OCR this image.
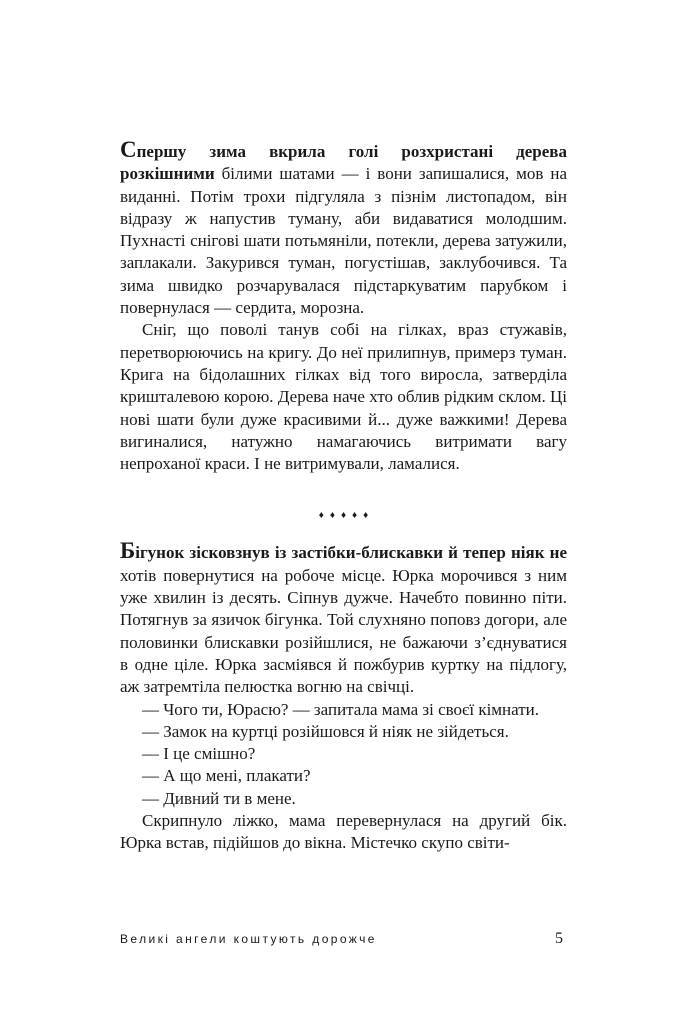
Спершу зима вкрила голі розхристані дерева розкішними білими шатами — і вони запишалися, мов на виданні. Потім трохи підгуляла з пізнім листопадом, він відразу ж напустив туману, аби видаватися молодшим. Пухнасті снігові шати потьмяніли, потекли, дерева затужили, заплакали. Закурився туман, погустішав, заклубочився. Та зима швидко розчарувалася підстаркуватим парубком і повернулася — сердита, морозна.

Сніг, що поволі танув собі на гілках, враз стужавів, перетворюючись на кригу. До неї прилипнув, примерз туман. Крига на бідолашних гілках від того виросла, затверділа кришталевою корою. Дерева наче хто облив рідким склом. Ці нові шати були дуже красивими й... дуже важкими! Дерева вигиналися, натужно намагаючись витримати вагу непроханої краси. І не витримували, ламалися.

♦♦♦♦♦

Бігунок зісковзнув із застібки-блискавки й тепер ніяк не хотів повернутися на робоче місце. Юрка морочився з ним уже хвилин із десять. Сіпнув дужче. Начебто повинно піти. Потягнув за язичок бігунка. Той слухняно поповз догори, але половинки блискавки розійшлися, не бажаючи з’єднуватися в одне ціле. Юрка засміявся й пожбурив куртку на підлогу, аж затремтіла пелюстка вогню на свічці.

— Чого ти, Юрасю? — запитала мама зі своєї кімнати.

— Замок на куртці розійшовся й ніяк не зійдеться.

— І це смішно?

— А що мені, плакати?

— Дивний ти в мене.

Скрипнуло ліжко, мама перевернулася на другий бік. Юрка встав, підійшов до вікна. Містечко скупо світи-

Великі ангели коштують дорожче	5
